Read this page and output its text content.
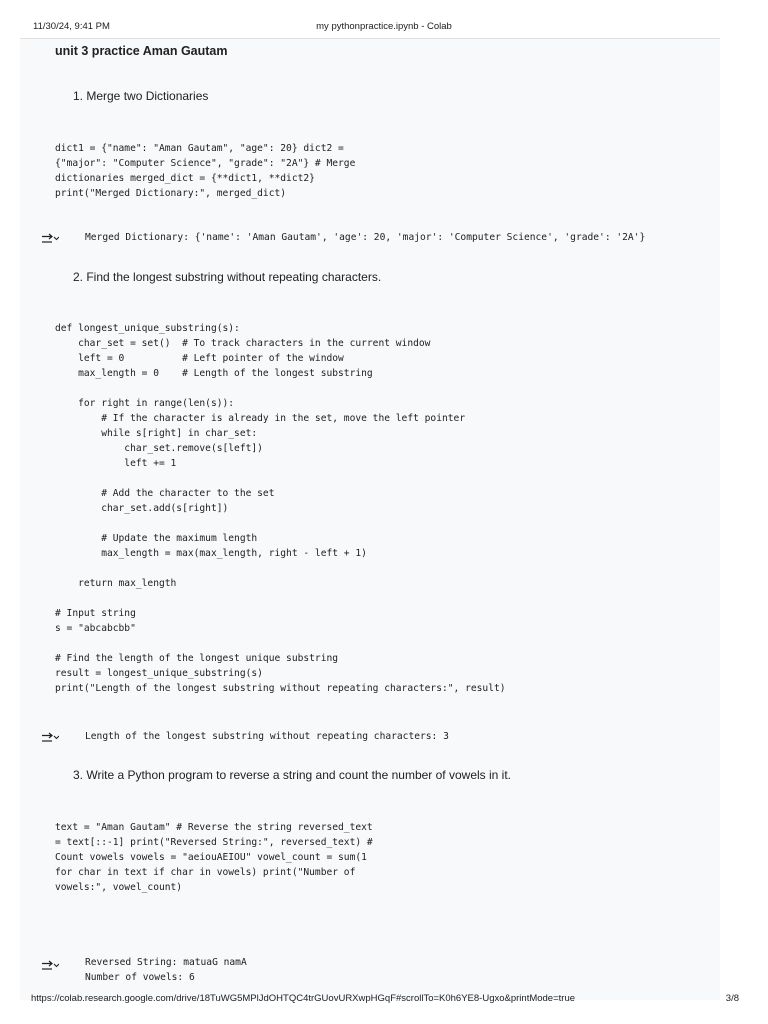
11/30/24, 9:41 PM	my pythonpractice.ipynb - Colab
unit 3 practice Aman Gautam
1. Merge two Dictionaries
dict1 = {"name": "Aman Gautam", "age": 20} dict2 =
{"major": "Computer Science", "grade": "2A"} # Merge
dictionaries merged_dict = {**dict1, **dict2}
print("Merged Dictionary:", merged_dict)
Merged Dictionary: {'name': 'Aman Gautam', 'age': 20, 'major': 'Computer Science', 'grade': '2A'}
2. Find the longest substring without repeating characters.
def longest_unique_substring(s):
char_set = set()  # To track characters in the current window
left = 0          # Left pointer of the window
max_length = 0    # Length of the longest substring

for right in range(len(s)):
# If the character is already in the set, move the left pointer
while s[right] in char_set:
char_set.remove(s[left])
left += 1

# Add the character to the set
char_set.add(s[right])

# Update the maximum length
max_length = max(max_length, right - left + 1)

return max_length

# Input string
s = "abcabcbb"

# Find the length of the longest unique substring
result = longest_unique_substring(s)
print("Length of the longest substring without repeating characters:", result)
Length of the longest substring without repeating characters: 3
3. Write a Python program to reverse a string and count the number of vowels in it.
text = "Aman Gautam" # Reverse the string reversed_text
= text[::-1] print("Reversed String:", reversed_text) #
Count vowels vowels = "aeiouAEIOU" vowel_count = sum(1
for char in text if char in vowels) print("Number of
vowels:", vowel_count)
Reversed String: matuaG namA
Number of vowels: 6
https://colab.research.google.com/drive/18TuWG5MPlJdOHTQC4trGUovURXwpHGqF#scrollTo=K0h6YE8-Ugxo&printMode=true	3/8
